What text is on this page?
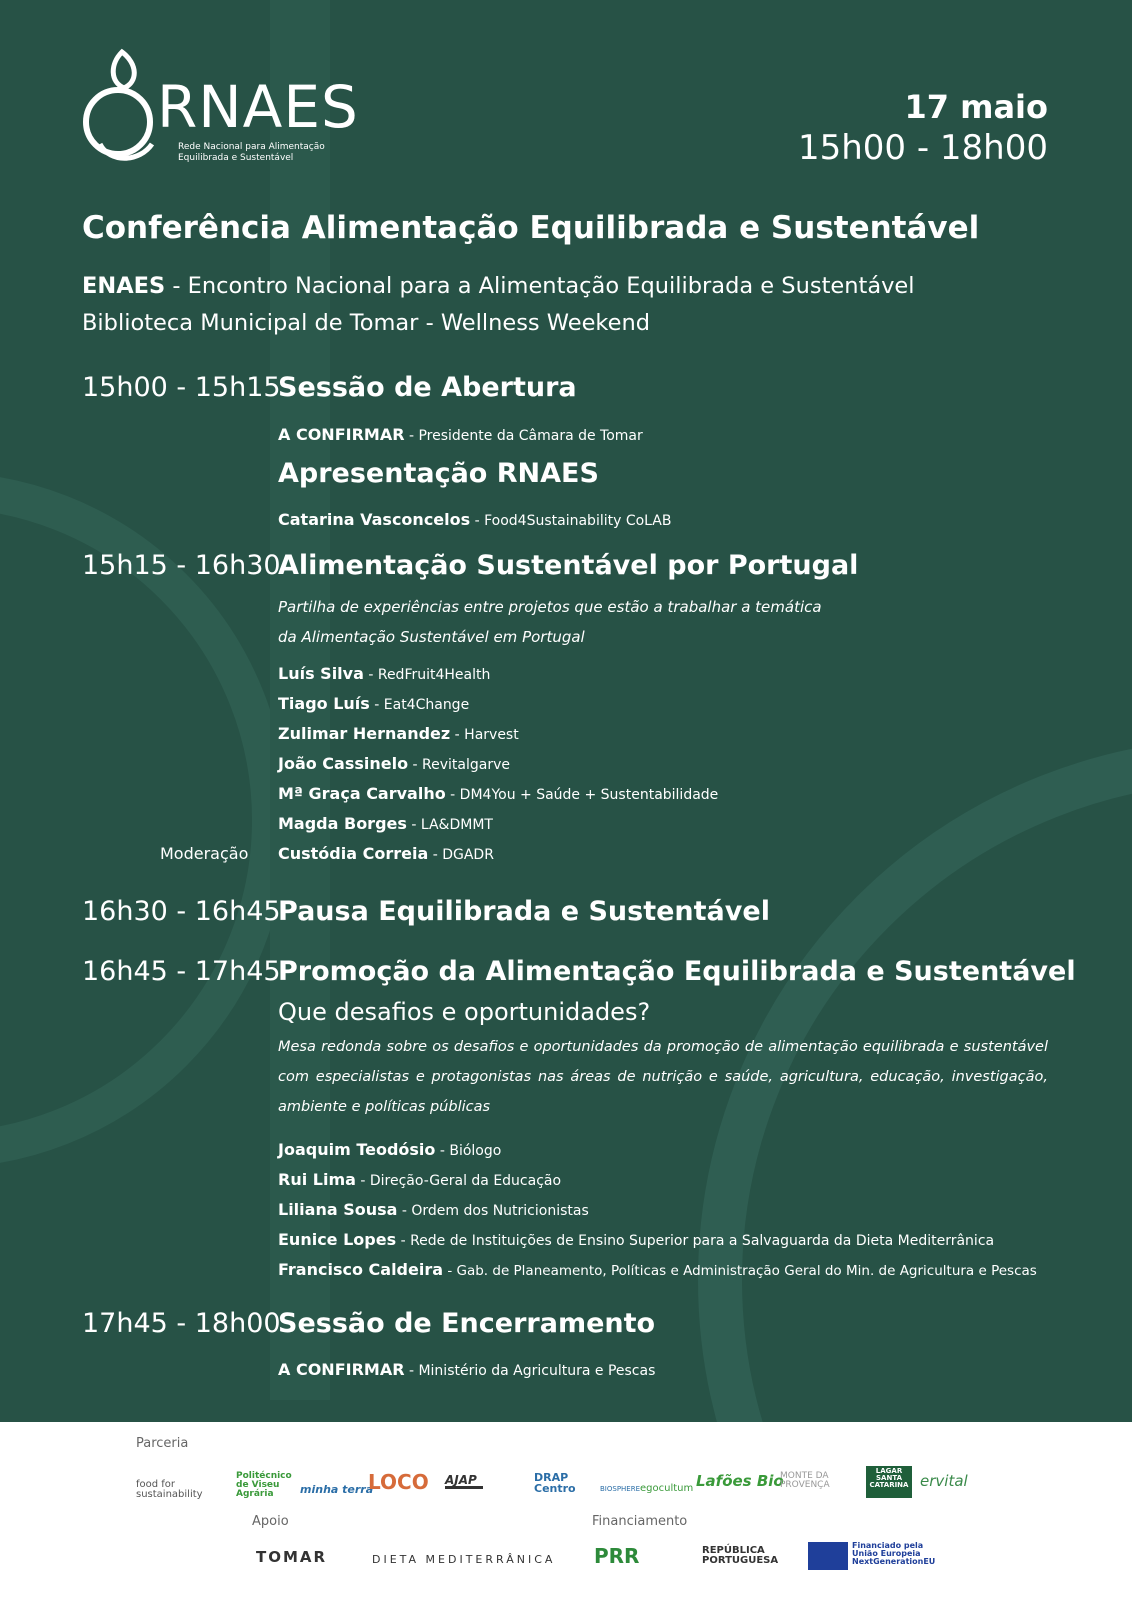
RNAES
Rede Nacional para Alimentação Equilibrada e Sustentável
17 maio
15h00 - 18h00
Conferência Alimentação Equilibrada e Sustentável
ENAES - Encontro Nacional para a Alimentação Equilibrada e Sustentável
Biblioteca Municipal de Tomar - Wellness Weekend
15h00 - 15h15
Sessão de Abertura
A CONFIRMAR - Presidente da Câmara de Tomar
Apresentação RNAES
Catarina Vasconcelos - Food4Sustainability CoLAB
15h15 - 16h30
Alimentação Sustentável por Portugal
Partilha de experiências entre projetos que estão a trabalhar a temática
da Alimentação Sustentável em Portugal
Luís Silva - RedFruit4Health
Tiago Luís - Eat4Change
Zulimar Hernandez - Harvest
João Cassinelo - Revitalgarve
Mª Graça Carvalho - DM4You + Saúde + Sustentabilidade
Magda Borges - LA&DMMT
Moderação Custódia Correia - DGADR
16h30 - 16h45
Pausa Equilibrada e Sustentável
16h45 - 17h45
Promoção da Alimentação Equilibrada e Sustentável
Que desafios e oportunidades?
Mesa redonda sobre os desafios e oportunidades da promoção de alimentação equilibrada e sustentável com especialistas e protagonistas nas áreas de nutrição e saúde, agricultura, educação, investigação, ambiente e políticas públicas
Joaquim Teodósio - Biólogo
Rui Lima - Direção-Geral da Educação
Liliana Sousa - Ordem dos Nutricionistas
Eunice Lopes - Rede de Instituições de Ensino Superior para a Salvaguarda da Dieta Mediterrânica
Francisco Caldeira - Gab. de Planeamento, Políticas e Administração Geral do Min. de Agricultura e Pescas
17h45 - 18h00
Sessão de Encerramento
A CONFIRMAR - Ministério da Agricultura e Pescas
Parceria
food for sustainability
Politécnico de Viseu Agrária	minha terra
LOCO AJAP	DRAP Centro	BIOSPHERE egocultum Lafões Bio
MONTE DA PROVENÇA
LAGAR SANTA CATARINA ervital
Apoio	Financiamento
TOMAR	DIETA MEDITERRÂNICA PRR	REPÚBLICA PORTUGUESA
Financiado pela União Europeia NextGenerationEU
